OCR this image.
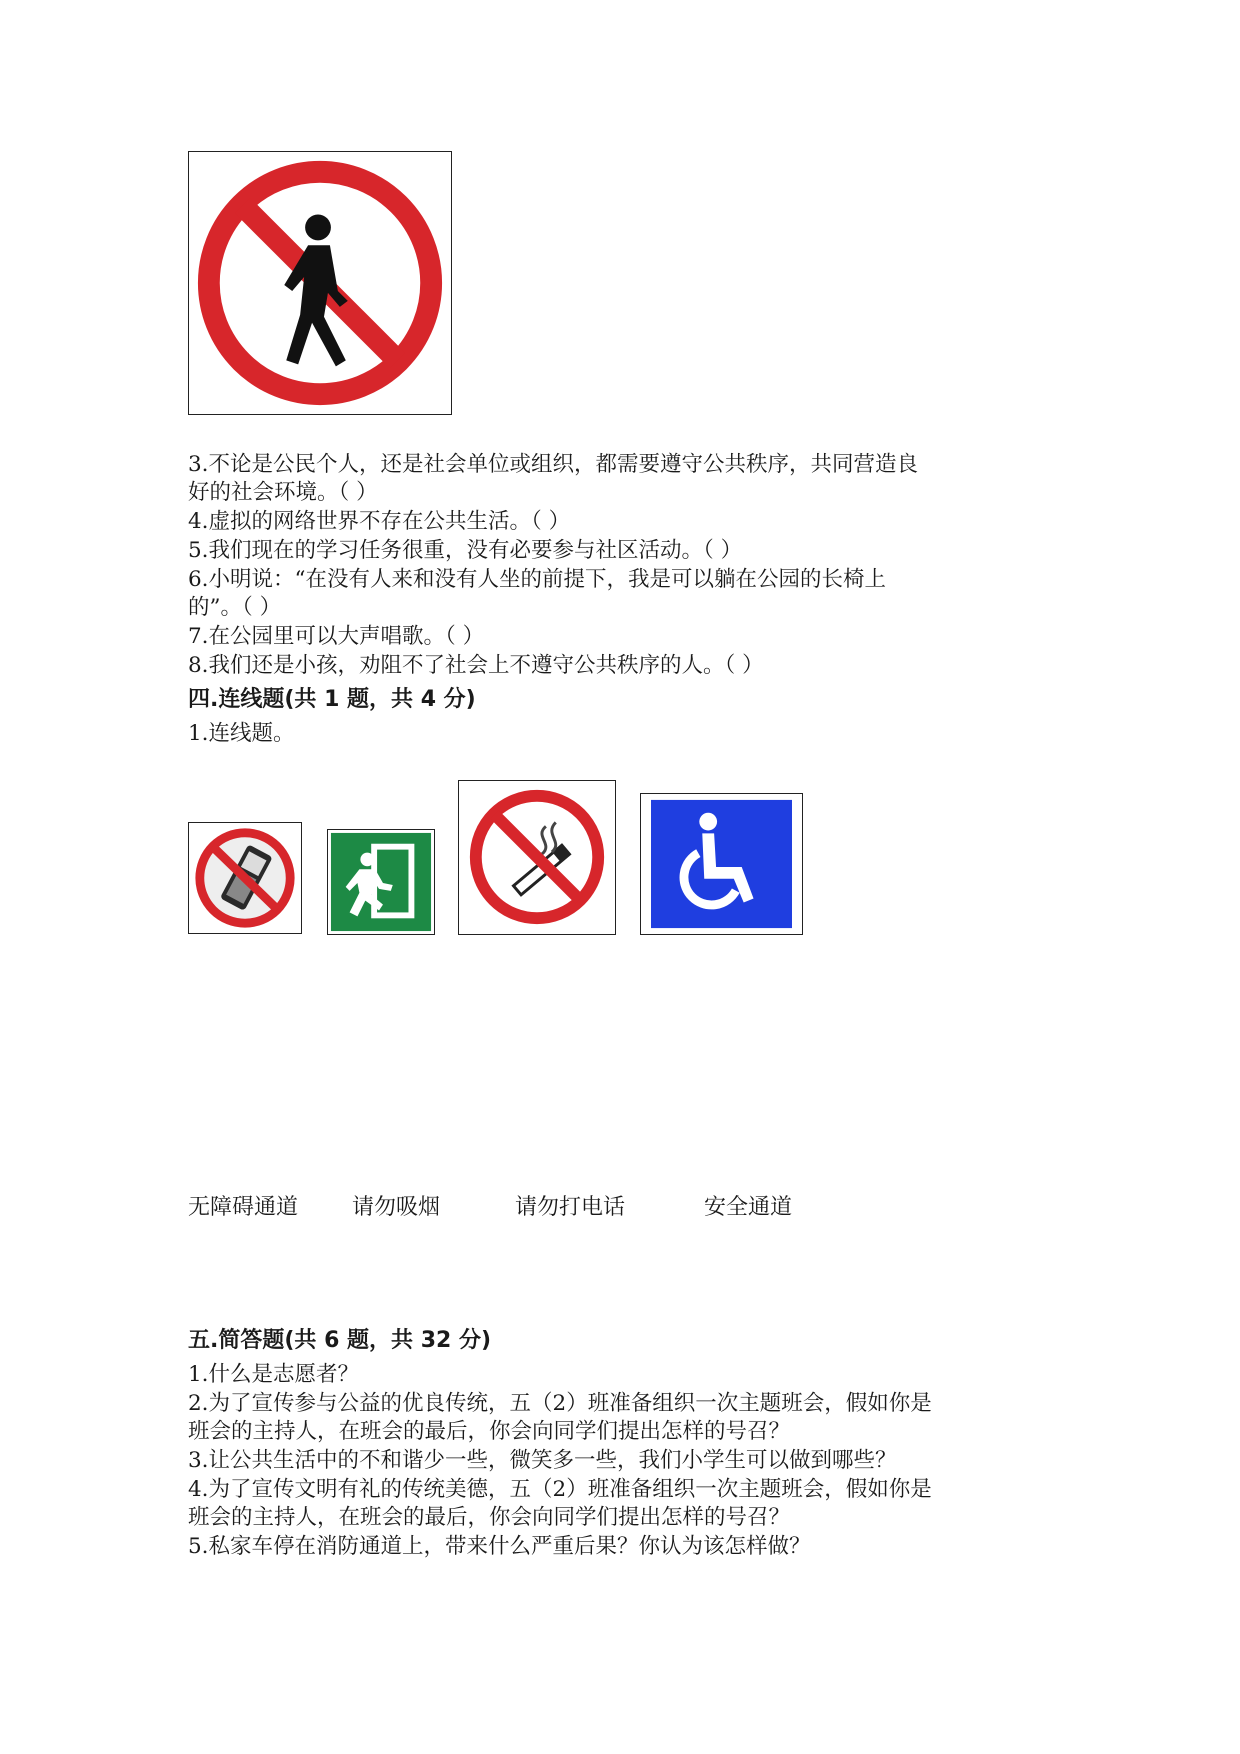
3.不论是公民个人，还是社会单位或组织，都需要遵守公共秩序，共同营造良
好的社会环境。（ ）
4.虚拟的网络世界不存在公共生活。（ ）
5.我们现在的学习任务很重，没有必要参与社区活动。（ ）
6.小明说：“在没有人来和没有人坐的前提下，我是可以躺在公园的长椅上
的”。（ ）
7.在公园里可以大声唱歌。（ ）
8.我们还是小孩，劝阻不了社会上不遵守公共秩序的人。（ ）
四.连线题(共 1 题，共 4 分)
1.连线题。
无障碍通道 请勿吸烟	请勿打电话	安全通道
五.简答题(共 6 题，共 32 分)
1.什么是志愿者？
2.为了宣传参与公益的优良传统，五（2）班准备组织一次主题班会，假如你是
班会的主持人，在班会的最后，你会向同学们提出怎样的号召？
3.让公共生活中的不和谐少一些，微笑多一些，我们小学生可以做到哪些？
4.为了宣传文明有礼的传统美德，五（2）班准备组织一次主题班会，假如你是
班会的主持人，在班会的最后，你会向同学们提出怎样的号召？
5.私家车停在消防通道上，带来什么严重后果？你认为该怎样做？
